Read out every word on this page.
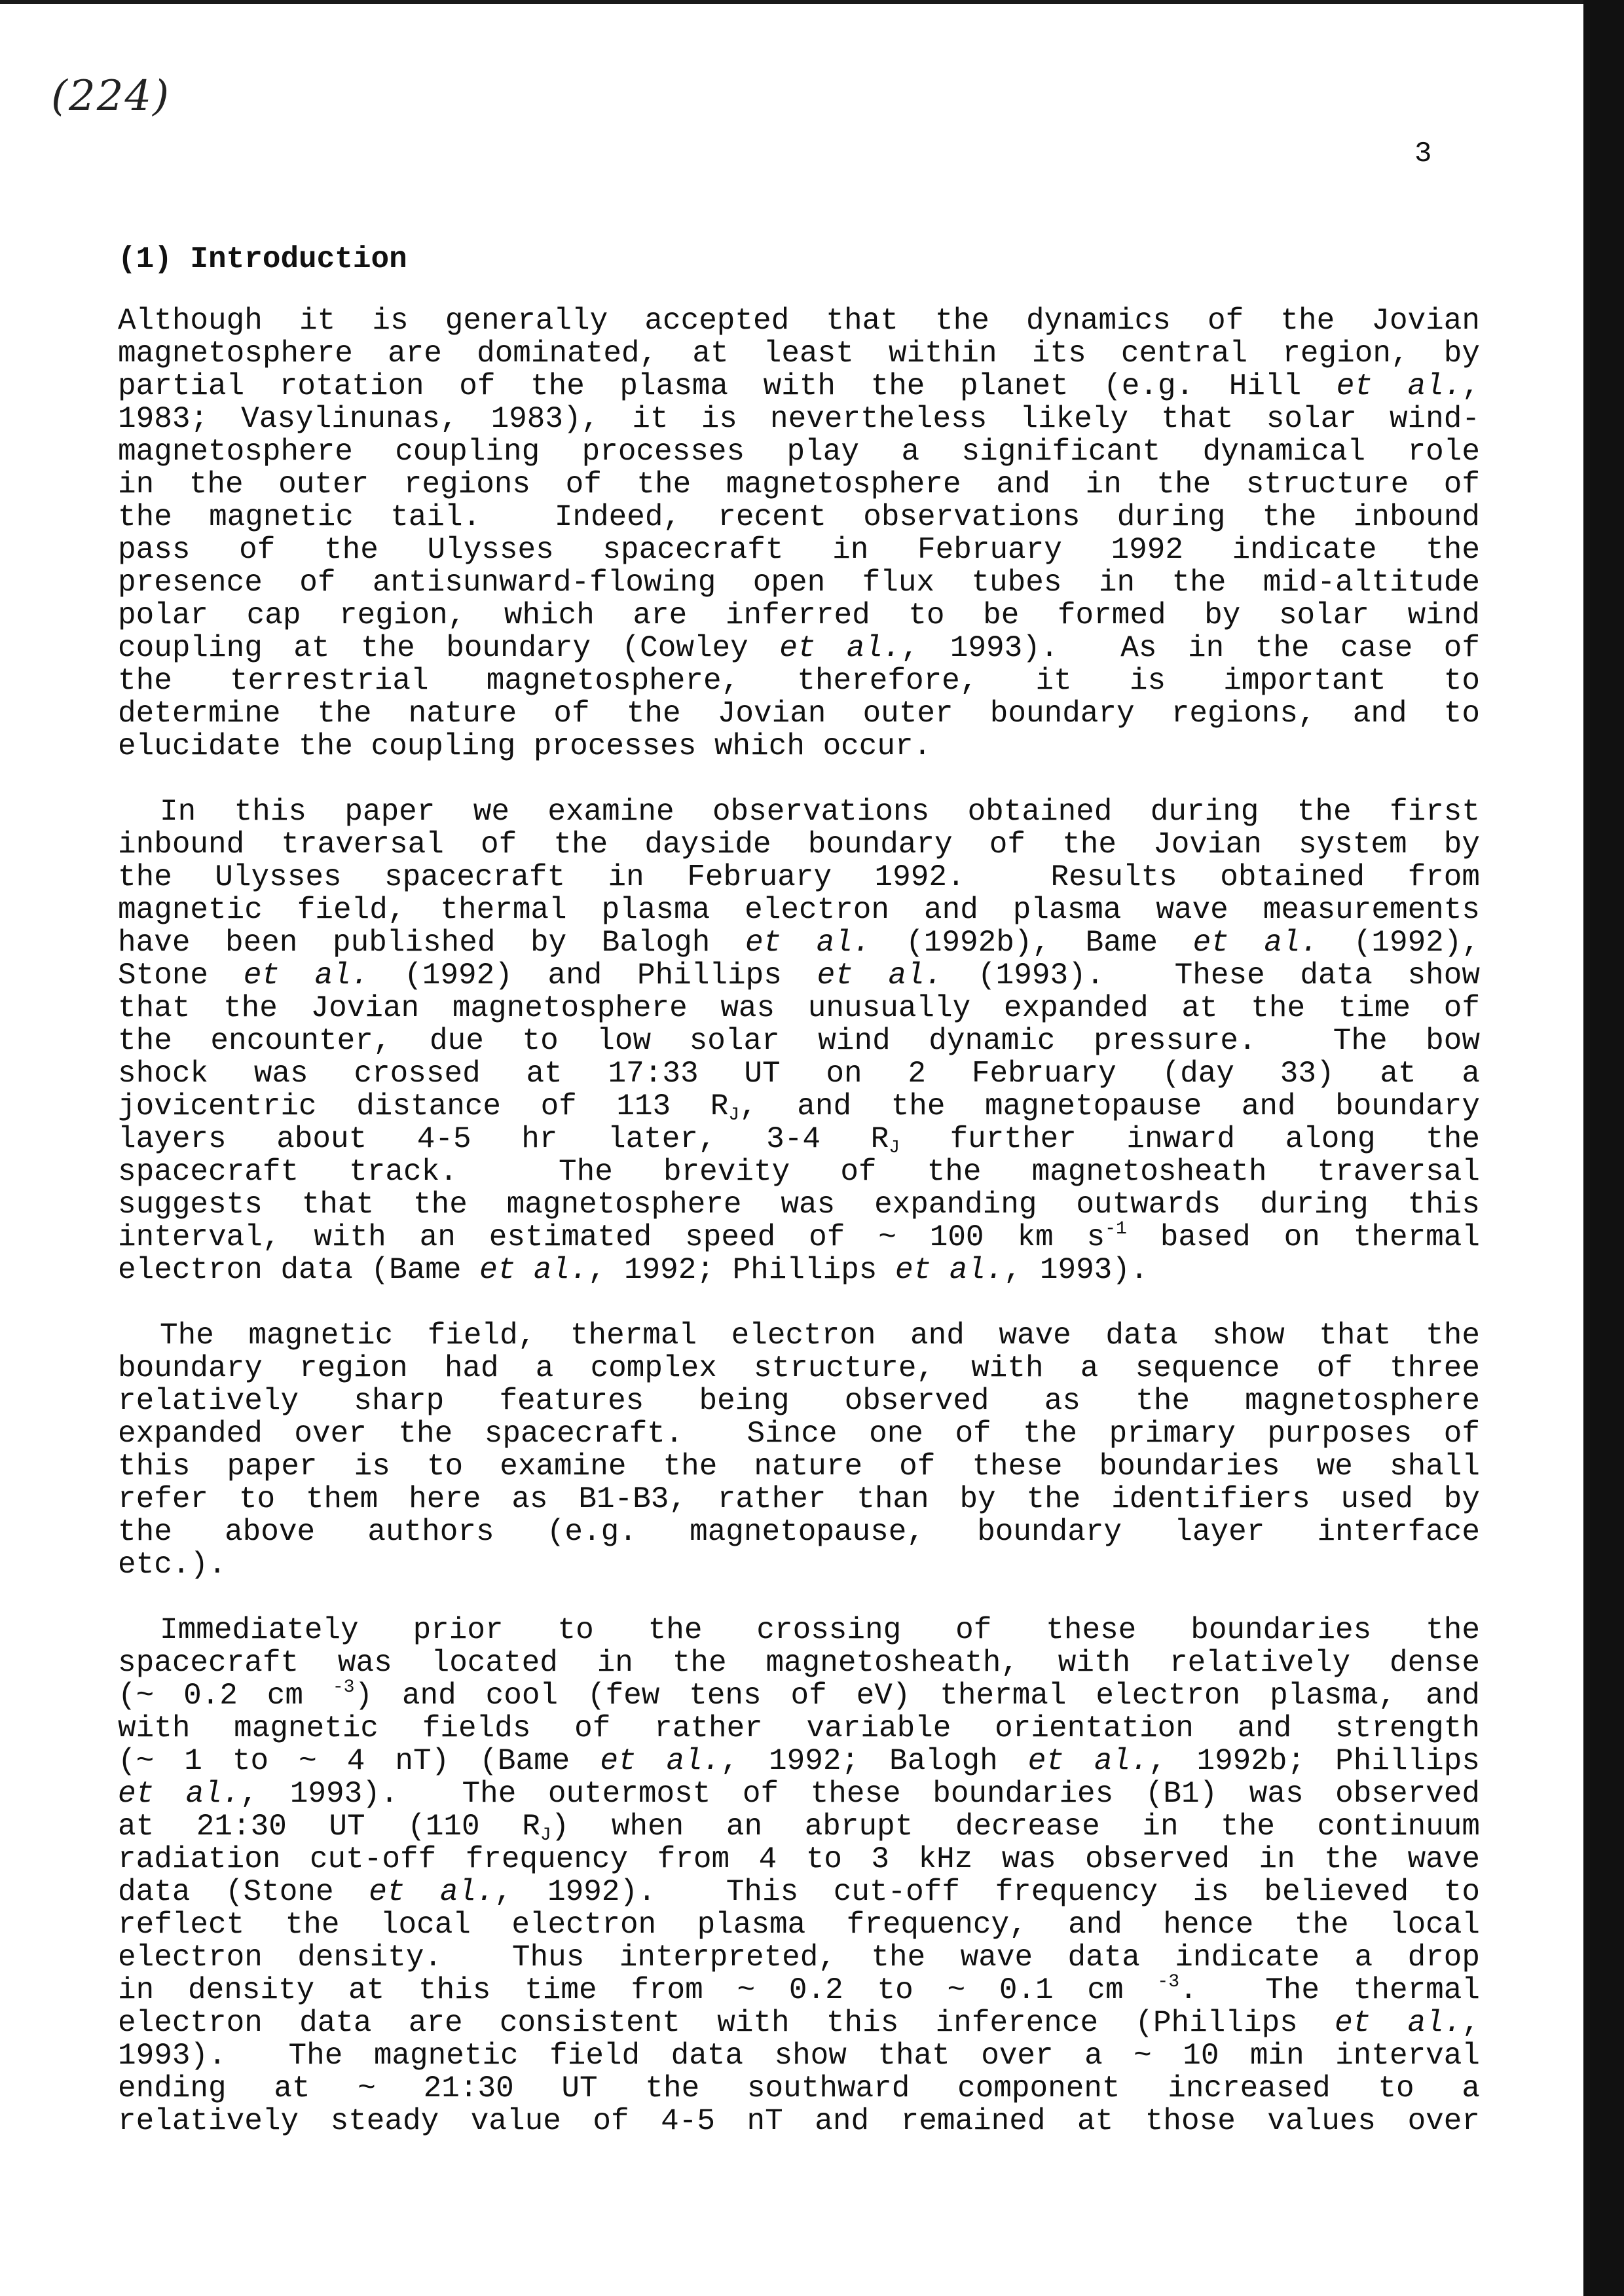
(224)
3
(1) Introduction
Although it is generally accepted that the dynamics of the Jovian
magnetosphere are dominated, at least within its central region, by
partial rotation of the plasma with the planet (e.g. Hill et al.,
1983; Vasylinunas, 1983), it is nevertheless likely that solar wind-
magnetosphere coupling processes play a significant dynamical role
in the outer regions of the magnetosphere and in the structure of
the magnetic tail.  Indeed, recent observations during the inbound
pass of the Ulysses spacecraft in February 1992 indicate the
presence of antisunward-flowing open flux tubes in the mid-altitude
polar cap region, which are inferred to be formed by solar wind
coupling at the boundary (Cowley et al., 1993).  As in the case of
the terrestrial magnetosphere, therefore, it is important to
determine the nature of the Jovian outer boundary regions, and to
elucidate the coupling processes which occur.
In this paper we examine observations obtained during the first
inbound traversal of the dayside boundary of the Jovian system by
the Ulysses spacecraft in February 1992.  Results obtained from
magnetic field, thermal plasma electron and plasma wave measurements
have been published by Balogh et al. (1992b), Bame et al. (1992),
Stone et al. (1992) and Phillips et al. (1993).  These data show
that the Jovian magnetosphere was unusually expanded at the time of
the encounter, due to low solar wind dynamic pressure.  The bow
shock was crossed at 17:33 UT on 2 February (day 33) at a
jovicentric distance of 113 $R_J$, and the magnetopause and boundary
layers about 4-5 hr later, 3-4 $R_J$ further inward along the
spacecraft track.  The brevity of the magnetosheath traversal
suggests that the magnetosphere was expanding outwards during this
interval, with an estimated speed of ~ 100 km $s^{-1}$ based on thermal
electron data (Bame et al., 1992; Phillips et al., 1993).
The magnetic field, thermal electron and wave data show that the
boundary region had a complex structure, with a sequence of three
relatively sharp features being observed as the magnetosphere
expanded over the spacecraft.  Since one of the primary purposes of
this paper is to examine the nature of these boundaries we shall
refer to them here as B1-B3, rather than by the identifiers used by
the above authors (e.g. magnetopause, boundary layer interface
etc.).
Immediately prior to the crossing of these boundaries the
spacecraft was located in the magnetosheath, with relatively dense
(~ 0.2 cm $^{-3}$) and cool (few tens of eV) thermal electron plasma, and
with magnetic fields of rather variable orientation and strength
(~ 1 to ~ 4 nT) (Bame et al., 1992; Balogh et al., 1992b; Phillips
et al., 1993).  The outermost of these boundaries (B1) was observed
at 21:30 UT (110 $R_J$) when an abrupt decrease in the continuum
radiation cut-off frequency from 4 to 3 kHz was observed in the wave
data (Stone et al., 1992).  This cut-off frequency is believed to
reflect the local electron plasma frequency, and hence the local
electron density.  Thus interpreted, the wave data indicate a drop
in density at this time from ~ 0.2 to ~ 0.1 cm $^{-3}$.  The thermal
electron data are consistent with this inference (Phillips et al.,
1993).  The magnetic field data show that over a ~ 10 min interval
ending at ~ 21:30 UT the southward component increased to a
relatively steady value of 4-5 nT and remained at those values over
